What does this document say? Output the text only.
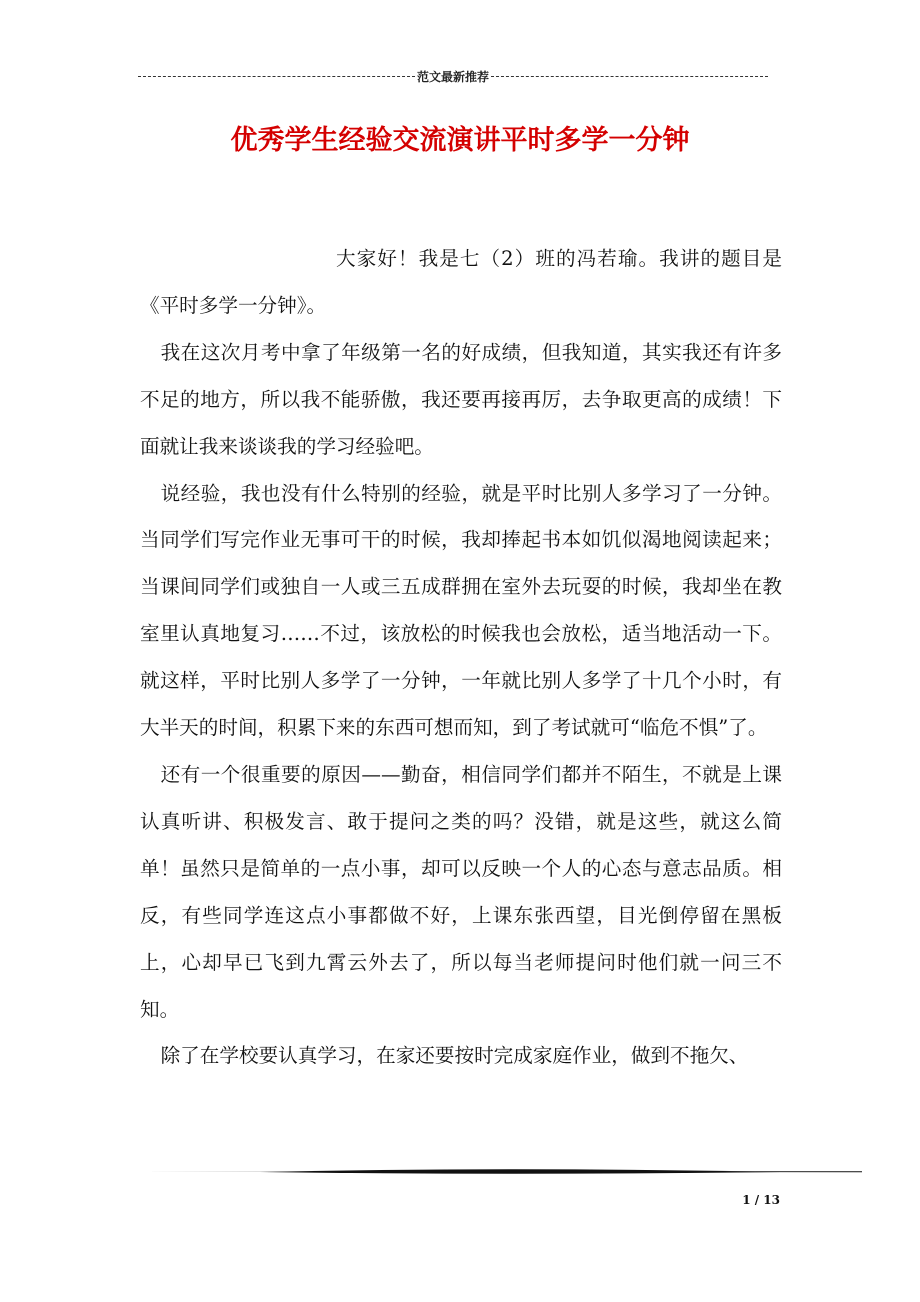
范文最新推荐
优秀学生经验交流演讲平时多学一分钟

大家好！我是七（2）班的冯若瑜。我讲的题目是《平时多学一分钟》。

我在这次月考中拿了年级第一名的好成绩，但我知道，其实我还有许多不足的地方，所以我不能骄傲，我还要再接再厉，去争取更高的成绩！下面就让我来谈谈我的学习经验吧。

说经验，我也没有什么特别的经验，就是平时比别人多学习了一分钟。当同学们写完作业无事可干的时候，我却捧起书本如饥似渴地阅读起来；当课间同学们或独自一人或三五成群拥在室外去玩耍的时候，我却坐在教室里认真地复习……不过，该放松的时候我也会放松，适当地活动一下。就这样，平时比别人多学了一分钟，一年就比别人多学了十几个小时，有大半天的时间，积累下来的东西可想而知，到了考试就可“临危不惧”了。

还有一个很重要的原因——勤奋，相信同学们都并不陌生，不就是上课认真听讲、积极发言、敢于提问之类的吗？没错，就是这些，就这么简单！虽然只是简单的一点小事，却可以反映一个人的心态与意志品质。相反，有些同学连这点小事都做不好，上课东张西望，目光倒停留在黑板上，心却早已飞到九霄云外去了，所以每当老师提问时他们就一问三不知。

除了在学校要认真学习，在家还要按时完成家庭作业，做到不拖欠、

1 / 13
